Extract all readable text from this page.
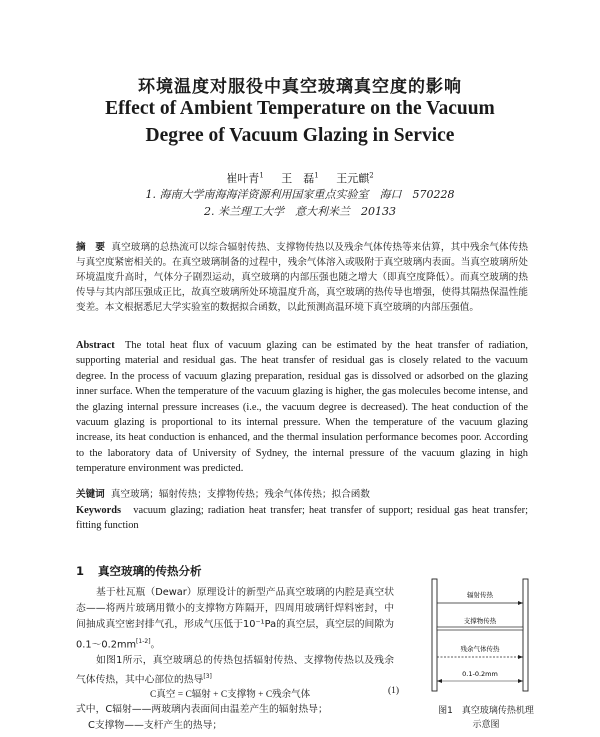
环境温度对服役中真空玻璃真空度的影响
Effect of Ambient Temperature on the Vacuum
Degree of Vacuum Glazing in Service
崔叶青$^1$ 王　磊$^1$ 王元麒$^2$
1. 海南大学南海海洋资源利用国家重点实验室　海口　570228
2. 米兰理工大学　意大利米兰　20133
摘　要 真空玻璃的总热流可以综合辐射传热、支撑物传热以及残余气体传热等来估算，其中残余气体传热与真空度紧密相关的。在真空玻璃制备的过程中，残余气体溶入或吸附于真空玻璃内表面。当真空玻璃所处环境温度升高时，气体分子剧烈运动，真空玻璃的内部压强也随之增大（即真空度降低）。而真空玻璃的热传导与其内部压强成正比，故真空玻璃所处环境温度升高，真空玻璃的热传导也增强，使得其隔热保温性能变差。本文根据悉尼大学实验室的数据拟合函数，以此预测高温环境下真空玻璃的内部压强值。
Abstract The total heat flux of vacuum glazing can be estimated by the heat transfer of radiation, supporting material and residual gas. The heat transfer of residual gas is closely related to the vacuum degree. In the process of vacuum glazing preparation, residual gas is dissolved or adsorbed on the glazing inner surface. When the temperature of the vacuum glazing is higher, the gas molecules become intense, and the glazing internal pressure increases (i.e., the vacuum degree is decreased). The heat conduction of the vacuum glazing is proportional to its internal pressure. When the temperature of the vacuum glazing increase, its heat conduction is enhanced, and the thermal insulation performance becomes poor. According to the laboratory data of University of Sydney, the internal pressure of the vacuum glazing in high temperature environment was predicted.
关键词 真空玻璃；辐射传热；支撑物传热；残余气体传热；拟合函数
Keywords vacuum glazing; radiation heat transfer; heat transfer of support; residual gas heat transfer; fitting function
1 真空玻璃的传热分析

基于杜瓦瓶（Dewar）原理设计的新型产品真空玻璃的内腔是真空状态——将两片玻璃用微小的支撑物方阵隔开，四周用玻璃钎焊料密封，中间抽成真空密封排气孔，形成气压低于10⁻¹Pa的真空层，真空层的间隙为0.1～0.2mm[1-2]。

如图1所示，真空玻璃总的传热包括辐射传热、支撑物传热以及残余气体传热，其中心部位的热导[3]

C真空 = C辐射 + C支撑物 + C残余气体	(1)
式中，C辐射——两玻璃内表面间由温差产生的辐射热导；
C支撑物——支杆产生的热导；
辐射传热
支撑物传热
残余气体传热
0.1-0.2mm
图1　真空玻璃传热机理
示意图
